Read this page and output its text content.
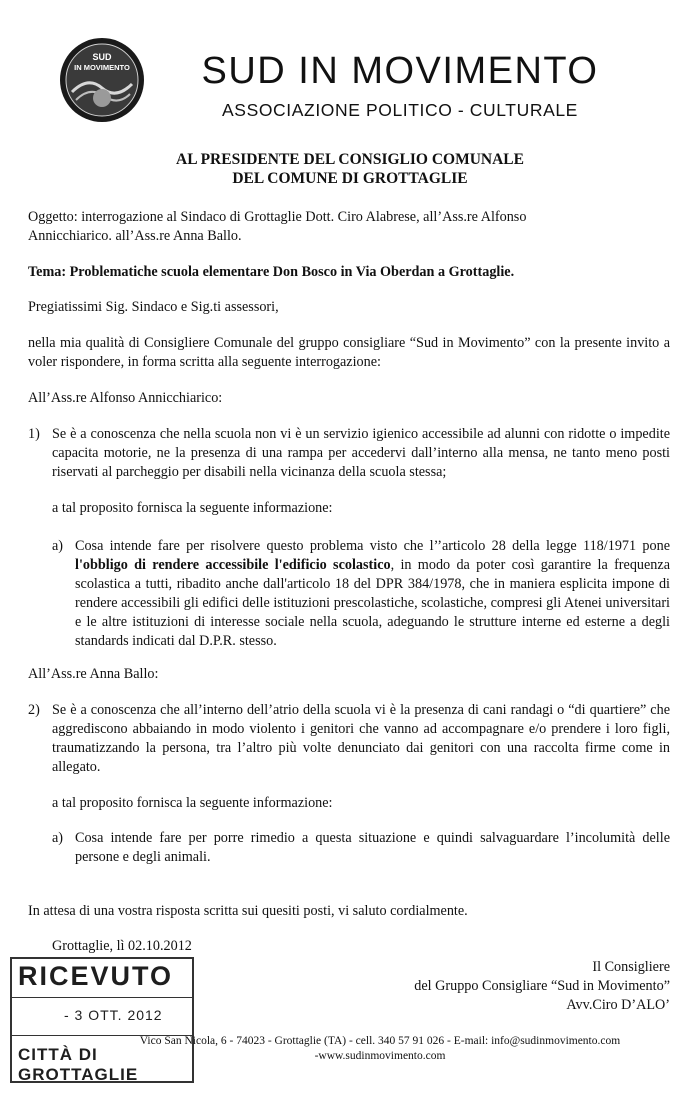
SUD
IN MOVIMENTO	SUD IN MOVIMENTO
ASSOCIAZIONE POLITICO - CULTURALE
AL PRESIDENTE DEL CONSIGLIO COMUNALE
DEL COMUNE DI GROTTAGLIE
Oggetto: interrogazione al Sindaco di Grottaglie Dott. Ciro Alabrese, all’Ass.re Alfonso
Annicchiarico. all’Ass.re Anna Ballo.
Tema: Problematiche scuola elementare Don Bosco in Via Oberdan a Grottaglie.
Pregiatissimi Sig. Sindaco e Sig.ti assessori,
nella mia qualità di Consigliere Comunale del gruppo consigliare “Sud in Movimento” con la presente invito a voler rispondere, in forma scritta alla seguente interrogazione:
All’Ass.re Alfonso Annicchiarico:
1) Se è a conoscenza che nella scuola non vi è un servizio igienico accessibile ad alunni con ridotte o impedite capacita motorie, ne la presenza di una rampa per accedervi dall’interno alla mensa, ne tanto meno posti riservati al parcheggio per disabili nella vicinanza della scuola stessa;
a tal proposito fornisca la seguente informazione:
a) Cosa intende fare per risolvere questo problema visto che l’’articolo 28 della legge 118/1971 pone l'obbligo di rendere accessibile l'edificio scolastico, in modo da poter così garantire la frequenza scolastica a tutti, ribadito anche dall'articolo 18 del DPR 384/1978, che in maniera esplicita impone di rendere accessibili gli edifici delle istituzioni prescolastiche, scolastiche, compresi gli Atenei universitari e le altre istituzioni di interesse sociale nella scuola, adeguando le strutture interne ed esterne a degli standards indicati dal D.P.R. stesso.
All’Ass.re Anna Ballo:
2) Se è a conoscenza che all’interno dell’atrio della scuola vi è la presenza di cani randagi o “di quartiere” che aggrediscono abbaiando in modo violento i genitori che vanno ad accompagnare e/o prendere i loro figli, traumatizzando la persona, tra l’altro più volte denunciato dai genitori con una raccolta firme come in allegato.
a tal proposito fornisca la seguente informazione:
a) Cosa intende fare per porre rimedio a questa situazione e quindi salvaguardare l’incolumità delle persone e degli animali.
In attesa di una vostra risposta scritta sui quesiti posti, vi saluto cordialmente.
Grottaglie, lì 02.10.2012
Il Consigliere
del Gruppo Consigliare “Sud in Movimento”
Avv.Ciro D’ALO’
RICEVUTO
- 3 OTT. 2012
CITTÀ DI GROTTAGLIE
Vico San Nicola, 6 - 74023 - Grottaglie (TA) - cell. 340 57 91 026 - E-mail: info@sudinmovimento.com
-www.sudinmovimento.com
